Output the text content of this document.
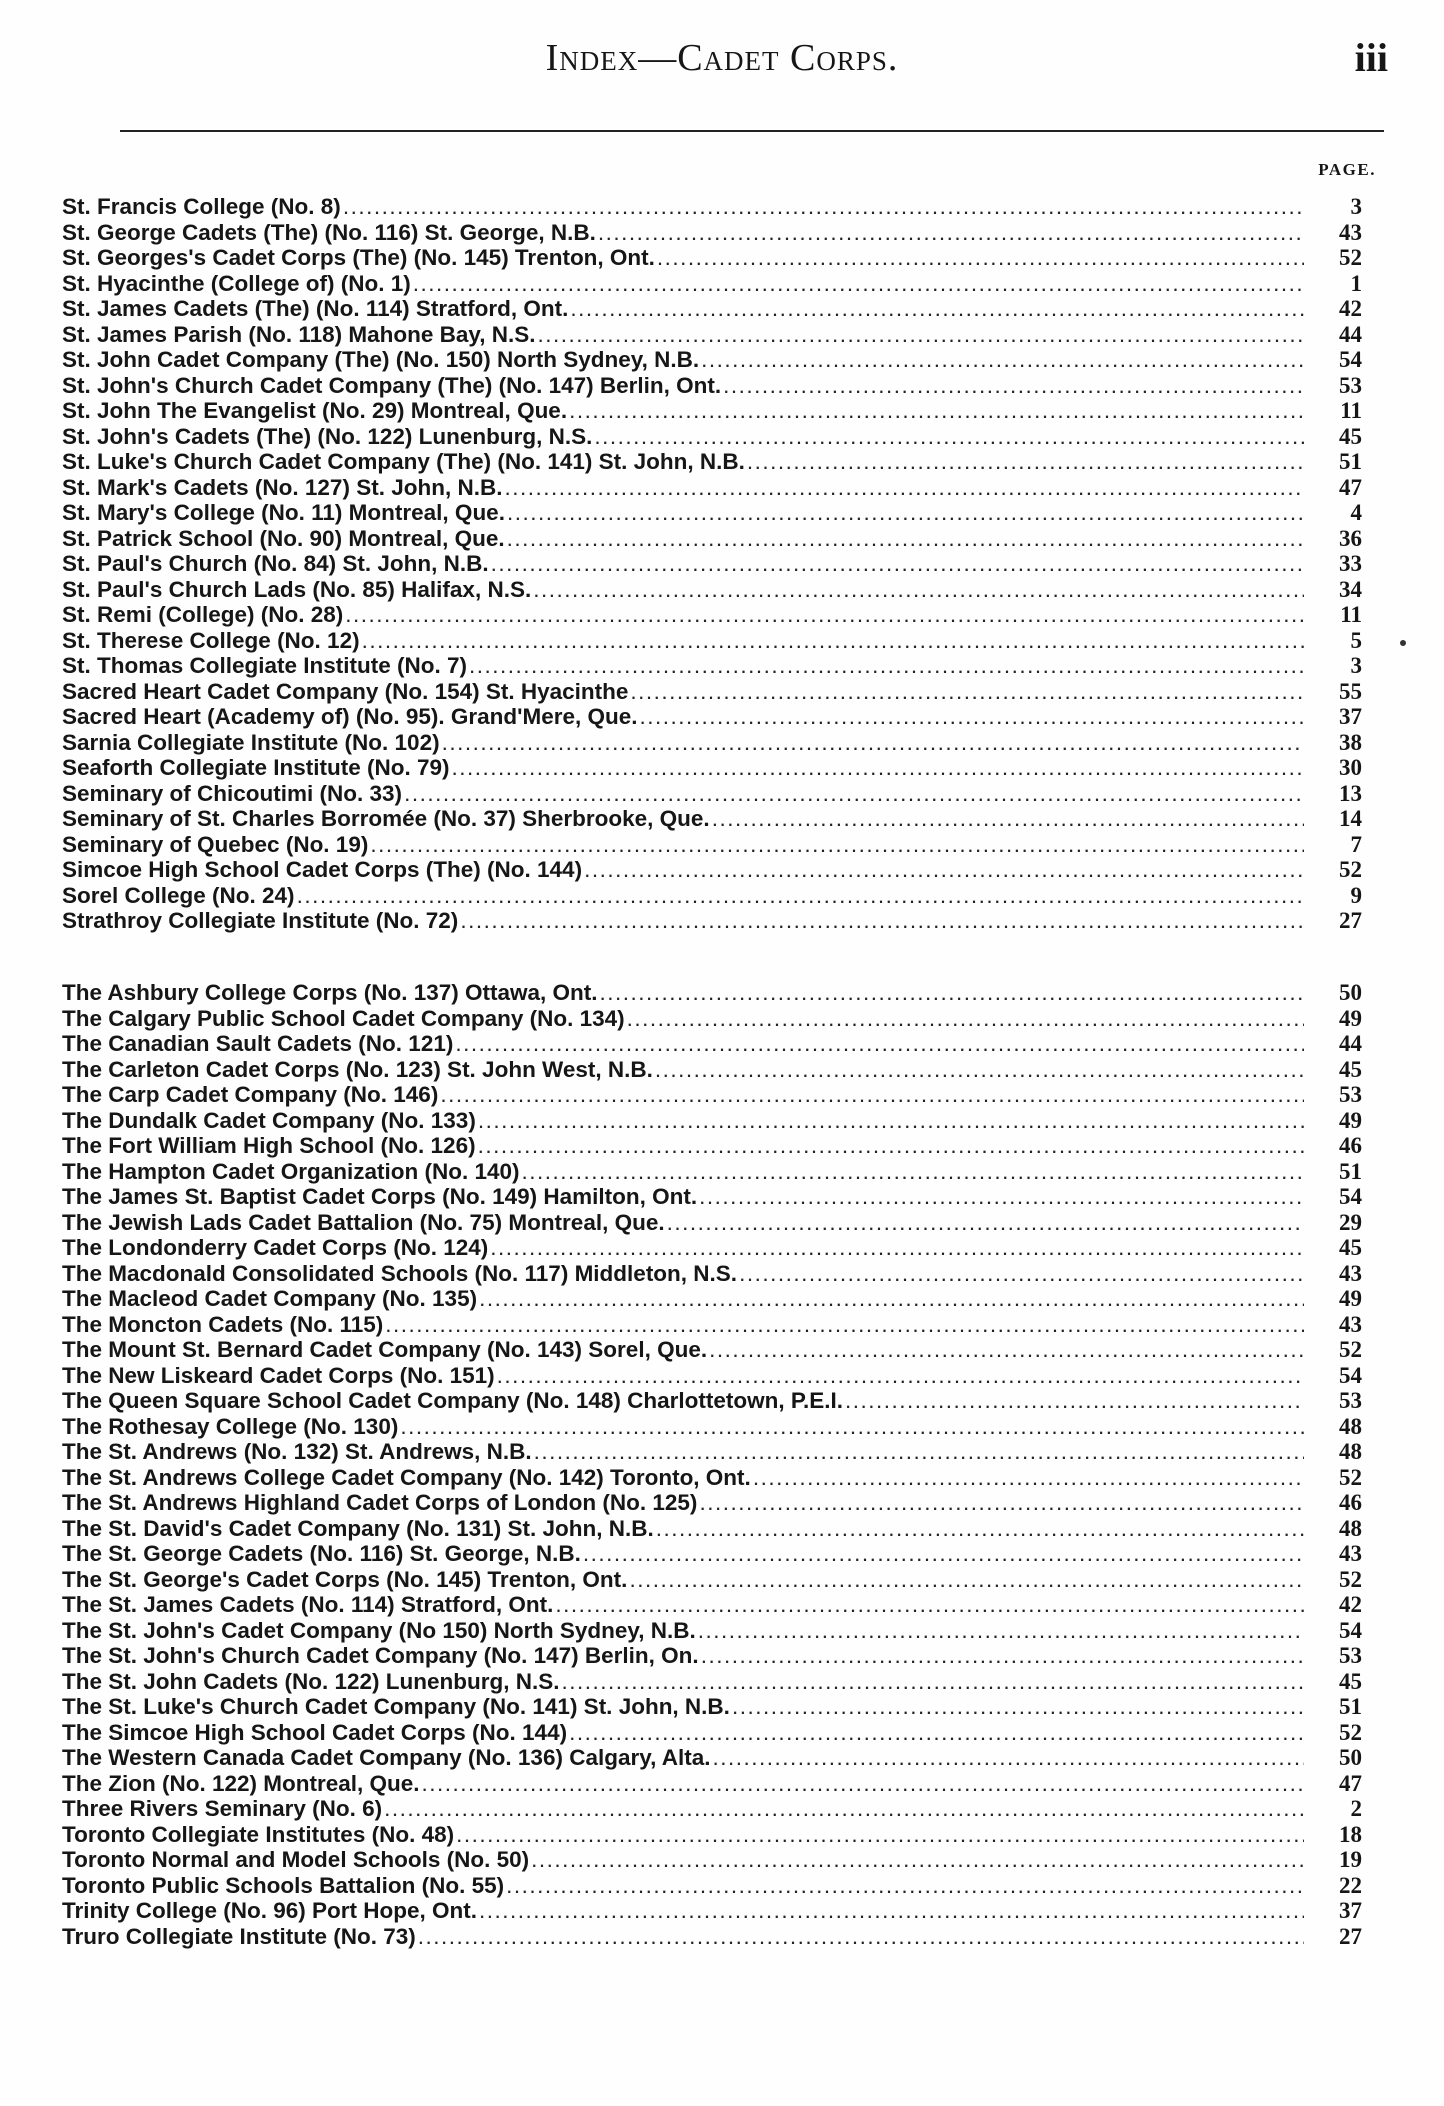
Index—Cadet Corps.	iii
PAGE.
St. Francis College (No. 8) .....	3
St. George Cadets (The) (No. 116) St. George, N.B. .....	43
St. Georges's Cadet Corps (The) (No. 145) Trenton, Ont. .....	52
St. Hyacinthe (College of) (No. 1) .....	1
St. James Cadets (The) (No. 114) Stratford, Ont. .....	42
St. James Parish (No. 118) Mahone Bay, N.S. .....	44
St. John Cadet Company (The) (No. 150) North Sydney, N.B. .....	54
St. John's Church Cadet Company (The) (No. 147) Berlin, Ont. .....	53
St. John The Evangelist (No. 29) Montreal, Que. .....	11
St. John's Cadets (The) (No. 122) Lunenburg, N.S. .....	45
St. Luke's Church Cadet Company (The) (No. 141) St. John, N.B. .....	51
St. Mark's Cadets (No. 127) St. John, N.B. .....	47
St. Mary's College (No. 11) Montreal, Que. .....	4
St. Patrick School (No. 90) Montreal, Que. .....	36
St. Paul's Church (No. 84) St. John, N.B. .....	33
St. Paul's Church Lads (No. 85) Halifax, N.S. .....	34
St. Remi (College) (No. 28) .....	11
St. Therese College (No. 12) .....	5
St. Thomas Collegiate Institute (No. 7) .....	3
Sacred Heart Cadet Company (No. 154) St. Hyacinthe .....	55
Sacred Heart (Academy of) (No. 95). Grand'Mere, Que. .....	37
Sarnia Collegiate Institute (No. 102) .....	38
Seaforth Collegiate Institute (No. 79) .....	30
Seminary of Chicoutimi (No. 33) .....	13
Seminary of St. Charles Borromée (No. 37) Sherbrooke, Que. .....	14
Seminary of Quebec (No. 19) .....	7
Simcoe High School Cadet Corps (The) (No. 144) .....	52
Sorel College (No. 24) .....	9
Strathroy Collegiate Institute (No. 72) .....	27
The Ashbury College Corps (No. 137) Ottawa, Ont. .....	50
The Calgary Public School Cadet Company (No. 134) .....	49
The Canadian Sault Cadets (No. 121) .....	44
The Carleton Cadet Corps (No. 123) St. John West, N.B. .....	45
The Carp Cadet Company (No. 146) .....	53
The Dundalk Cadet Company (No. 133) .....	49
The Fort William High School (No. 126) .....	46
The Hampton Cadet Organization (No. 140) .....	51
The James St. Baptist Cadet Corps (No. 149) Hamilton, Ont. .....	54
The Jewish Lads Cadet Battalion (No. 75) Montreal, Que. .....	29
The Londonderry Cadet Corps (No. 124) .....	45
The Macdonald Consolidated Schools (No. 117) Middleton, N.S. .....	43
The Macleod Cadet Company (No. 135) .....	49
The Moncton Cadets (No. 115) .....	43
The Mount St. Bernard Cadet Company (No. 143) Sorel, Que. .....	52
The New Liskeard Cadet Corps (No. 151) .....	54
The Queen Square School Cadet Company (No. 148) Charlottetown, P.E.I. .....	53
The Rothesay College (No. 130) .....	48
The St. Andrews (No. 132) St. Andrews, N.B. .....	48
The St. Andrews College Cadet Company (No. 142) Toronto, Ont. .....	52
The St. Andrews Highland Cadet Corps of London (No. 125) .....	46
The St. David's Cadet Company (No. 131) St. John, N.B. .....	48
The St. George Cadets (No. 116) St. George, N.B. .....	43
The St. George's Cadet Corps (No. 145) Trenton, Ont. .....	52
The St. James Cadets (No. 114) Stratford, Ont. .....	42
The St. John's Cadet Company (No 150) North Sydney, N.B. .....	54
The St. John's Church Cadet Company (No. 147) Berlin, On. .....	53
The St. John Cadets (No. 122) Lunenburg, N.S. .....	45
The St. Luke's Church Cadet Company (No. 141) St. John, N.B. .....	51
The Simcoe High School Cadet Corps (No. 144) .....	52
The Western Canada Cadet Company (No. 136) Calgary, Alta. .....	50
The Zion (No. 122) Montreal, Que. .....	47
Three Rivers Seminary (No. 6) .....	2
Toronto Collegiate Institutes (No. 48) .....	18
Toronto Normal and Model Schools (No. 50) .....	19
Toronto Public Schools Battalion (No. 55) .....	22
Trinity College (No. 96) Port Hope, Ont. .....	37
Truro Collegiate Institute (No. 73) .....	27
